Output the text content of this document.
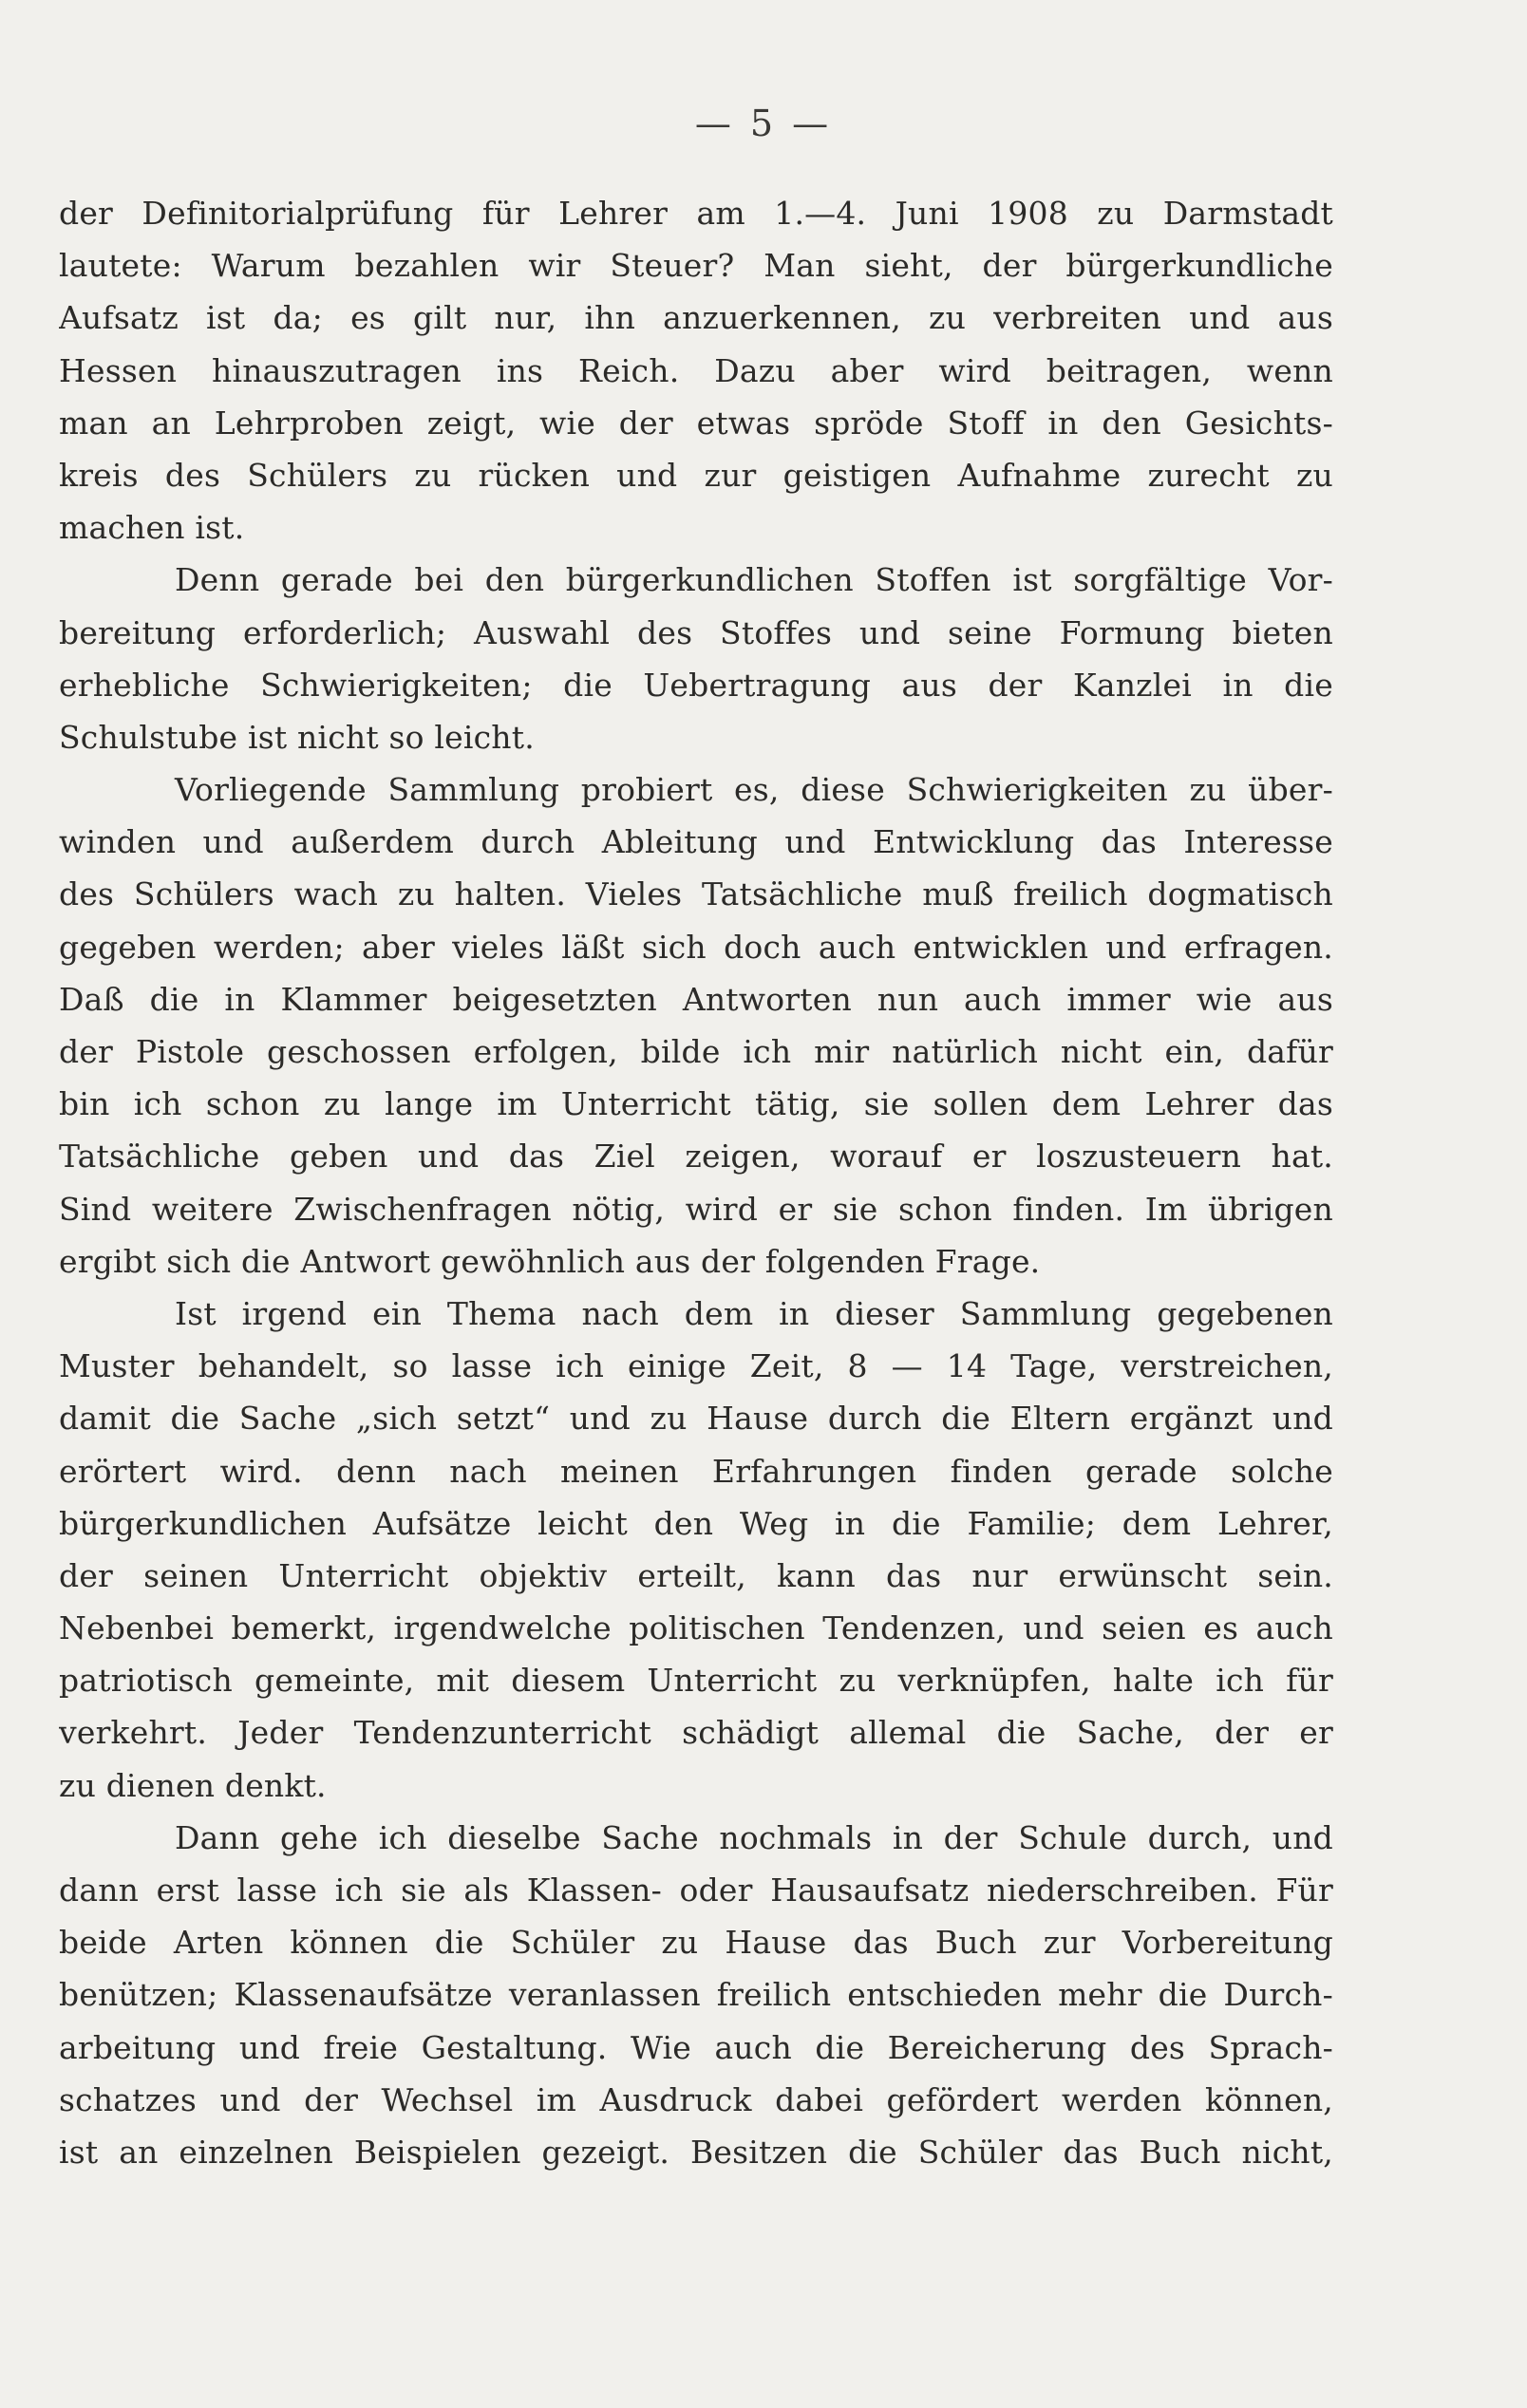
— 5 —
der Definitorialprüfung für Lehrer am 1.—4. Juni 1908 zu Darmstadt
lautete: Warum bezahlen wir Steuer? Man sieht, der bürgerkundliche
Aufsatz ist da; es gilt nur, ihn anzuerkennen, zu verbreiten und aus
Hessen hinauszutragen ins Reich. Dazu aber wird beitragen, wenn
man an Lehrproben zeigt, wie der etwas spröde Stoff in den Gesichts-
kreis des Schülers zu rücken und zur geistigen Aufnahme zurecht zu
machen ist.
Denn gerade bei den bürgerkundlichen Stoffen ist sorgfältige Vor-
bereitung erforderlich; Auswahl des Stoffes und seine Formung bieten
erhebliche Schwierigkeiten; die Uebertragung aus der Kanzlei in die
Schulstube ist nicht so leicht.
Vorliegende Sammlung probiert es, diese Schwierigkeiten zu über-
winden und außerdem durch Ableitung und Entwicklung das Interesse
des Schülers wach zu halten. Vieles Tatsächliche muß freilich dogmatisch
gegeben werden; aber vieles läßt sich doch auch entwicklen und erfragen.
Daß die in Klammer beigesetzten Antworten nun auch immer wie aus
der Pistole geschossen erfolgen, bilde ich mir natürlich nicht ein, dafür
bin ich schon zu lange im Unterricht tätig, sie sollen dem Lehrer das
Tatsächliche geben und das Ziel zeigen, worauf er loszusteuern hat.
Sind weitere Zwischenfragen nötig, wird er sie schon finden. Im übrigen
ergibt sich die Antwort gewöhnlich aus der folgenden Frage.
Ist irgend ein Thema nach dem in dieser Sammlung gegebenen
Muster behandelt, so lasse ich einige Zeit, 8 — 14 Tage, verstreichen,
damit die Sache „sich setzt“ und zu Hause durch die Eltern ergänzt und
erörtert wird. denn nach meinen Erfahrungen finden gerade solche
bürgerkundlichen Aufsätze leicht den Weg in die Familie; dem Lehrer,
der seinen Unterricht objektiv erteilt, kann das nur erwünscht sein.
Nebenbei bemerkt, irgendwelche politischen Tendenzen, und seien es auch
patriotisch gemeinte, mit diesem Unterricht zu verknüpfen, halte ich für
verkehrt. Jeder Tendenzunterricht schädigt allemal die Sache, der er
zu dienen denkt.
Dann gehe ich dieselbe Sache nochmals in der Schule durch, und
dann erst lasse ich sie als Klassen- oder Hausaufsatz niederschreiben. Für
beide Arten können die Schüler zu Hause das Buch zur Vorbereitung
benützen; Klassenaufsätze veranlassen freilich entschieden mehr die Durch-
arbeitung und freie Gestaltung. Wie auch die Bereicherung des Sprach-
schatzes und der Wechsel im Ausdruck dabei gefördert werden können,
ist an einzelnen Beispielen gezeigt. Besitzen die Schüler das Buch nicht,
